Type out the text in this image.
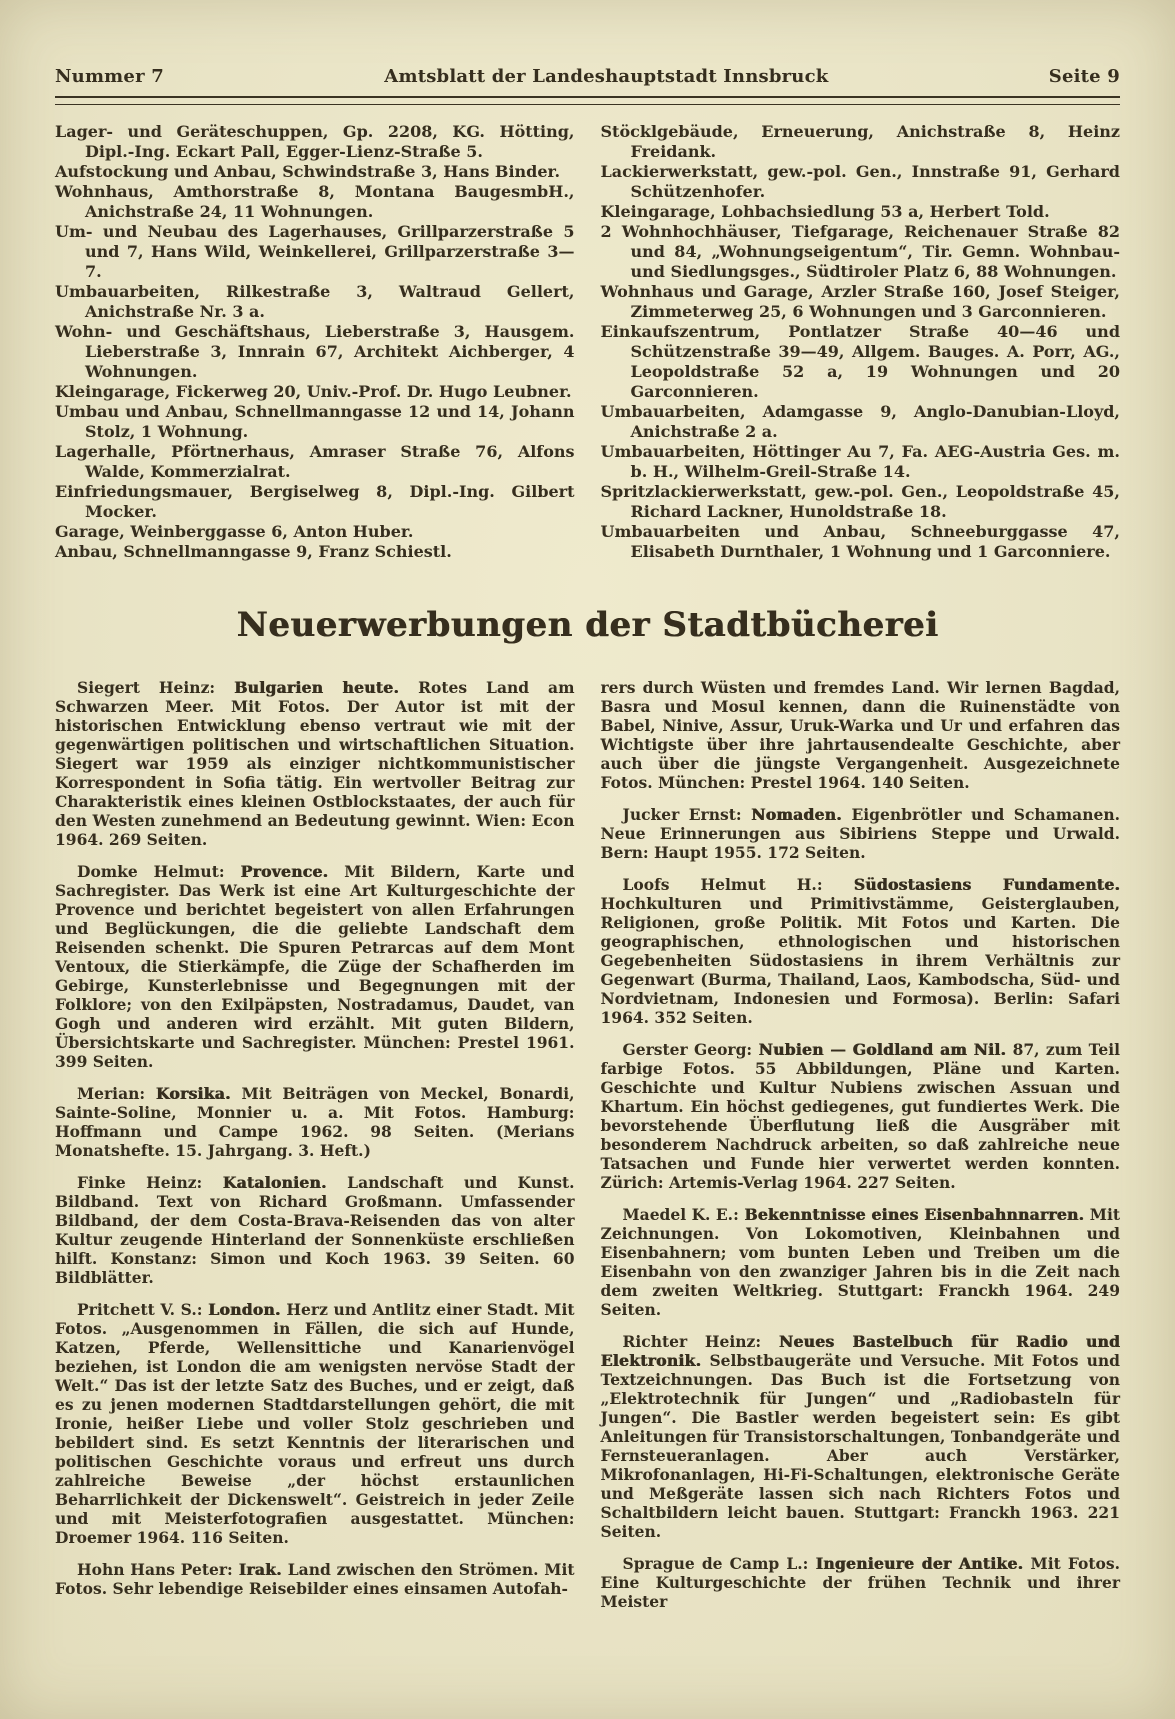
Nummer 7	Amtsblatt der Landeshauptstadt Innsbruck	Seite 9

Lager- und Geräteschuppen, Gp. 2208, KG. Hötting, Dipl.-Ing. Eckart Pall, Egger-Lienz-Straße 5.

Aufstockung und Anbau, Schwindstraße 3, Hans Binder.

Wohnhaus, Amthorstraße 8, Montana BaugesmbH., Anichstraße 24, 11 Wohnungen.

Um- und Neubau des Lagerhauses, Grillparzerstraße 5 und 7, Hans Wild, Weinkellerei, Grillparzerstraße 3—7.

Umbauarbeiten, Rilkestraße 3, Waltraud Gellert, Anichstraße Nr. 3 a.

Wohn- und Geschäftshaus, Lieberstraße 3, Hausgem. Lieberstraße 3, Innrain 67, Architekt Aichberger, 4 Wohnungen.

Kleingarage, Fickerweg 20, Univ.-Prof. Dr. Hugo Leubner.

Umbau und Anbau, Schnellmanngasse 12 und 14, Johann Stolz, 1 Wohnung.

Lagerhalle, Pförtnerhaus, Amraser Straße 76, Alfons Walde, Kommerzialrat.

Einfriedungsmauer, Bergiselweg 8, Dipl.-Ing. Gilbert Mocker.

Garage, Weinberggasse 6, Anton Huber.

Anbau, Schnellmanngasse 9, Franz Schiestl.

Stöcklgebäude, Erneuerung, Anichstraße 8, Heinz Freidank.

Lackierwerkstatt, gew.-pol. Gen., Innstraße 91, Gerhard Schützenhofer.

Kleingarage, Lohbachsiedlung 53 a, Herbert Told.

2 Wohnhochhäuser, Tiefgarage, Reichenauer Straße 82 und 84, „Wohnungseigentum“, Tir. Gemn. Wohnbau- und Siedlungsges., Südtiroler Platz 6, 88 Wohnungen.

Wohnhaus und Garage, Arzler Straße 160, Josef Steiger, Zimmeterweg 25, 6 Wohnungen und 3 Garconnieren.

Einkaufszentrum, Pontlatzer Straße 40—46 und Schützenstraße 39—49, Allgem. Bauges. A. Porr, AG., Leopoldstraße 52 a, 19 Wohnungen und 20 Garconnieren.

Umbauarbeiten, Adamgasse 9, Anglo-Danubian-Lloyd, Anichstraße 2 a.

Umbauarbeiten, Höttinger Au 7, Fa. AEG-Austria Ges. m. b. H., Wilhelm-Greil-Straße 14.

Spritzlackierwerkstatt, gew.-pol. Gen., Leopoldstraße 45, Richard Lackner, Hunoldstraße 18.

Umbauarbeiten und Anbau, Schneeburggasse 47, Elisabeth Durnthaler, 1 Wohnung und 1 Garconniere.

Neuerwerbungen der Stadtbücherei

Siegert Heinz: Bulgarien heute. Rotes Land am Schwarzen Meer. Mit Fotos. Der Autor ist mit der historischen Entwicklung ebenso vertraut wie mit der gegenwärtigen politischen und wirtschaftlichen Situation. Siegert war 1959 als einziger nichtkommunistischer Korrespondent in Sofia tätig. Ein wertvoller Beitrag zur Charakteristik eines kleinen Ostblockstaates, der auch für den Westen zunehmend an Bedeutung gewinnt. Wien: Econ 1964. 269 Seiten.

Domke Helmut: Provence. Mit Bildern, Karte und Sachregister. Das Werk ist eine Art Kulturgeschichte der Provence und berichtet begeistert von allen Erfahrungen und Beglückungen, die die geliebte Landschaft dem Reisenden schenkt. Die Spuren Petrarcas auf dem Mont Ventoux, die Stierkämpfe, die Züge der Schafherden im Gebirge, Kunsterlebnisse und Begegnungen mit der Folklore; von den Exilpäpsten, Nostradamus, Daudet, van Gogh und anderen wird erzählt. Mit guten Bildern, Übersichtskarte und Sachregister. München: Prestel 1961. 399 Seiten.

Merian: Korsika. Mit Beiträgen von Meckel, Bonardi, Sainte-Soline, Monnier u. a. Mit Fotos. Hamburg: Hoffmann und Campe 1962. 98 Seiten. (Merians Monatshefte. 15. Jahrgang. 3. Heft.)

Finke Heinz: Katalonien. Landschaft und Kunst. Bildband. Text von Richard Großmann. Umfassender Bildband, der dem Costa-Brava-Reisenden das von alter Kultur zeugende Hinterland der Sonnenküste erschließen hilft. Konstanz: Simon und Koch 1963. 39 Seiten. 60 Bildblätter.

Pritchett V. S.: London. Herz und Antlitz einer Stadt. Mit Fotos. „Ausgenommen in Fällen, die sich auf Hunde, Katzen, Pferde, Wellensittiche und Kanarienvögel beziehen, ist London die am wenigsten nervöse Stadt der Welt.“ Das ist der letzte Satz des Buches, und er zeigt, daß es zu jenen modernen Stadtdarstellungen gehört, die mit Ironie, heißer Liebe und voller Stolz geschrieben und bebildert sind. Es setzt Kenntnis der literarischen und politischen Geschichte voraus und erfreut uns durch zahlreiche Beweise „der höchst erstaunlichen Beharrlichkeit der Dickenswelt“. Geistreich in jeder Zeile und mit Meisterfotografien ausgestattet. München: Droemer 1964. 116 Seiten.

Hohn Hans Peter: Irak. Land zwischen den Strömen. Mit Fotos. Sehr lebendige Reisebilder eines einsamen Autofah-

rers durch Wüsten und fremdes Land. Wir lernen Bagdad, Basra und Mosul kennen, dann die Ruinenstädte von Babel, Ninive, Assur, Uruk-Warka und Ur und erfahren das Wichtigste über ihre jahrtausendealte Geschichte, aber auch über die jüngste Vergangenheit. Ausgezeichnete Fotos. München: Prestel 1964. 140 Seiten.

Jucker Ernst: Nomaden. Eigenbrötler und Schamanen. Neue Erinnerungen aus Sibiriens Steppe und Urwald. Bern: Haupt 1955. 172 Seiten.

Loofs Helmut H.: Südostasiens Fundamente. Hochkulturen und Primitivstämme, Geisterglauben, Religionen, große Politik. Mit Fotos und Karten. Die geographischen, ethnologischen und historischen Gegebenheiten Südostasiens in ihrem Verhältnis zur Gegenwart (Burma, Thailand, Laos, Kambodscha, Süd- und Nordvietnam, Indonesien und Formosa). Berlin: Safari 1964. 352 Seiten.

Gerster Georg: Nubien — Goldland am Nil. 87, zum Teil farbige Fotos. 55 Abbildungen, Pläne und Karten. Geschichte und Kultur Nubiens zwischen Assuan und Khartum. Ein höchst gediegenes, gut fundiertes Werk. Die bevorstehende Überflutung ließ die Ausgräber mit besonderem Nachdruck arbeiten, so daß zahlreiche neue Tatsachen und Funde hier verwertet werden konnten. Zürich: Artemis-Verlag 1964. 227 Seiten.

Maedel K. E.: Bekenntnisse eines Eisenbahnnarren. Mit Zeichnungen. Von Lokomotiven, Kleinbahnen und Eisenbahnern; vom bunten Leben und Treiben um die Eisenbahn von den zwanziger Jahren bis in die Zeit nach dem zweiten Weltkrieg. Stuttgart: Franckh 1964. 249 Seiten.

Richter Heinz: Neues Bastelbuch für Radio und Elektronik. Selbstbaugeräte und Versuche. Mit Fotos und Textzeichnungen. Das Buch ist die Fortsetzung von „Elektrotechnik für Jungen“ und „Radiobasteln für Jungen“. Die Bastler werden begeistert sein: Es gibt Anleitungen für Transistorschaltungen, Tonbandgeräte und Fernsteueranlagen. Aber auch Verstärker, Mikrofonanlagen, Hi-Fi-Schaltungen, elektronische Geräte und Meßgeräte lassen sich nach Richters Fotos und Schaltbildern leicht bauen. Stuttgart: Franckh 1963. 221 Seiten.

Sprague de Camp L.: Ingenieure der Antike. Mit Fotos. Eine Kulturgeschichte der frühen Technik und ihrer Meister
